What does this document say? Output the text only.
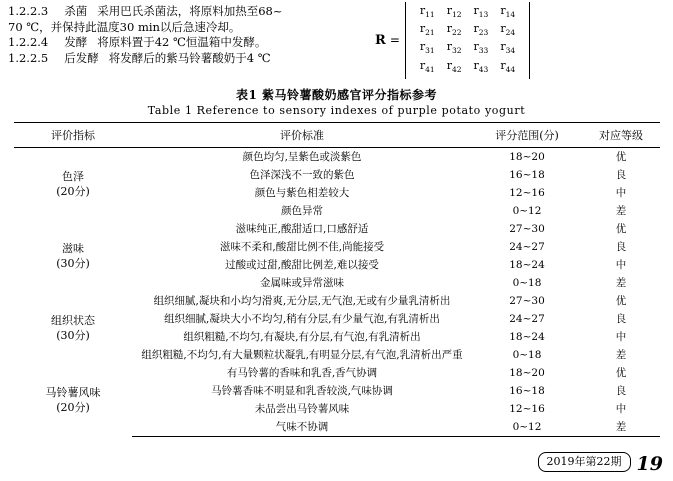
1.2.2.3 杀菌 采用巴氏杀菌法，将原料加热至68~
70 ℃，并保持此温度30 min以后急速冷却。
1.2.2.4 发酵 将原料置于42 ℃恒温箱中发酵。
1.2.2.5 后发酵 将发酵后的紫马铃薯酸奶于4 ℃
R =
$r_{11}$	$r_{12}$	$r_{13}$	$r_{14}$
$r_{21}$	$r_{22}$	$r_{23}$	$r_{24}$
$r_{31}$	$r_{32}$	$r_{33}$	$r_{34}$
$r_{41}$	$r_{42}$	$r_{43}$	$r_{44}$
表1 紫马铃薯酸奶感官评分指标参考
Table 1 Reference to sensory indexes of purple potato yogurt
评价指标	评价标准	评分范围(分)	对应等级
色泽
(20分)	颜色均匀,呈紫色或淡紫色	18~20	优
	色泽深浅不一致的紫色	16~18	良
	颜色与紫色相差较大	12~16	中
	颜色异常	0~12	差
滋味
(30分)	滋味纯正,酸甜适口,口感舒适	27~30	优
	滋味不柔和,酸甜比例不佳,尚能接受	24~27	良
	过酸或过甜,酸甜比例差,难以接受	18~24	中
	金属味或异常滋味	0~18	差
组织状态
(30分)	组织细腻,凝块和小均匀滑爽,无分层,无气泡,无或有少量乳清析出	27~30	优
	组织细腻,凝块大小不均匀,稍有分层,有少量气泡,有乳清析出	24~27	良
	组织粗糙,不均匀,有凝块,有分层,有气泡,有乳清析出	18~24	中
	组织粗糙,不均匀,有大量颗粒状凝乳,有明显分层,有气泡,乳清析出严重	0~18	差
马铃薯风味
(20分)	有马铃薯的香味和乳香,香气协调	18~20	优
	马铃薯香味不明显和乳香较淡,气味协调	16~18	良
	未品尝出马铃薯风味	12~16	中
	气味不协调	0~12	差
2019年第22期 19
